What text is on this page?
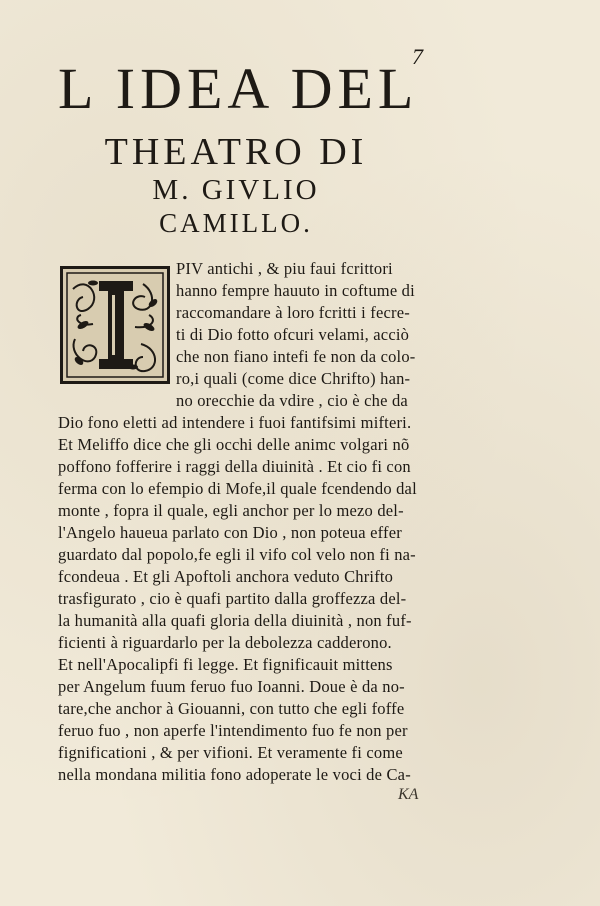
7
L IDEA DEL
THEATRO DI
M. GIVLIO
CAMILLO.
PIV antichi , & piu faui fcrittori
hanno fempre hauuto in coftume di
raccomandare à loro fcritti i fecre-
ti di Dio fotto ofcuri velami, acciò
che non fiano intefi fe non da colo-
ro,i quali (come dice Chrifto) han-
no orecchie da vdire , cio è che da
Dio fono eletti ad intendere i fuoi fantifsimi mifteri.
Et Meliffo dice che gli occhi delle animc volgari nõ
poffono fofferire i raggi della diuinità . Et cio fi con
ferma con lo efempio di Mofe,il quale fcendendo dal
monte , fopra il quale, egli anchor per lo mezo del-
l'Angelo haueua parlato con Dio , non poteua effer
guardato dal popolo,fe egli il vifo col velo non fi na-
fcondeua . Et gli Apoftoli anchora veduto Chrifto
trasfigurato , cio è quafi partito dalla groffezza del-
la humanità alla quafi gloria della diuinità , non fuf-
ficienti à riguardarlo per la debolezza cadderono.
Et nell'Apocalipfi fi legge. Et fignificauit mittens
per Angelum fuum feruo fuo Ioanni. Doue è da no-
tare,che anchor à Giouanni, con tutto che egli foffe
feruo fuo , non aperfe l'intendimento fuo fe non per
fignificationi , & per vifioni. Et veramente fi come
nella mondana militia fono adoperate le voci de Ca-
KA
